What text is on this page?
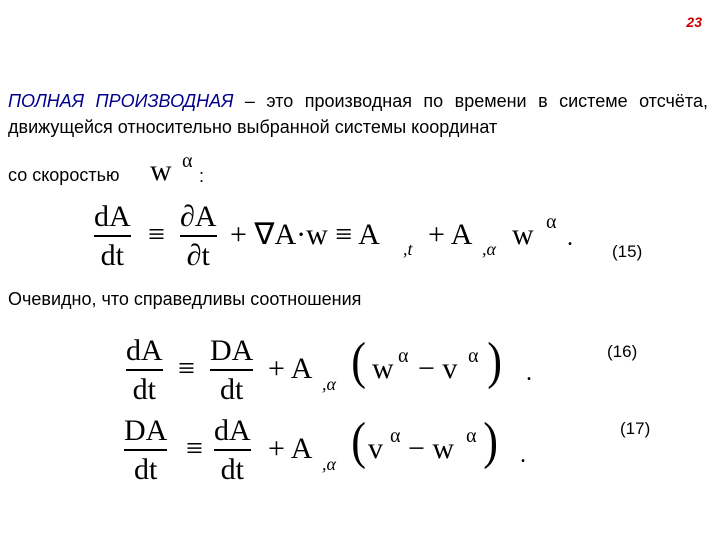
23
ПОЛНАЯ ПРОИЗВОДНАЯ – это производная по времени в системе отсчёта, движущейся относительно выбранной системы координат
со скоростью w α
:
dA
dt
≡
∂A
∂t
+ ∇A·w ≡ A ,t + A ,α w α
.
(15)
Очевидно, что справедливы соотношения
dA
dt
≡
DA
dt
+ A ,α ( w α − v α ) .
(16)
DA
dt
≡
dA
dt
+ A ,α ( v α − w α ) .
(17)
